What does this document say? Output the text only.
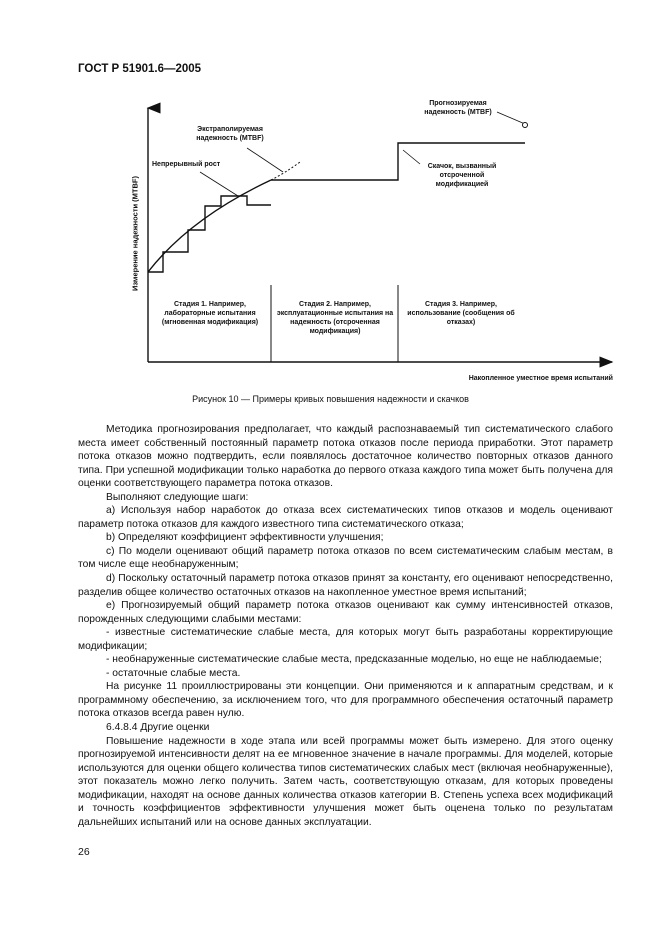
ГОСТ Р 51901.6—2005
Измерение надежности (MTBF)
Накопленное уместное время испытаний
Прогнозируемая надежность (MTBF)
Экстраполируемая надежность (MTBF)
Непрерывный рост	Скачок, вызванный отсроченной модификацией
Стадия 1. Например, лабораторные испытания (мгновенная модификация)
Стадия 2. Например, эксплуатационные испытания на надежность (отсроченная модификация)
Стадия 3. Например, использование (сообщения об отказах)
Рисунок 10 — Примеры кривых повышения надежности и скачков

Методика прогнозирования предполагает, что каждый распознаваемый тип систематического слабого места имеет собственный постоянный параметр потока отказов после периода приработки. Этот параметр потока отказов можно подтвердить, если появлялось достаточное количество повторных отказов данного типа. При успешной модификации только наработка до первого отказа каждого типа может быть получена для оценки соответствующего параметра потока отказов.

Выполняют следующие шаги:

а) Используя набор наработок до отказа всех систематических типов отказов и модель оценивают параметр потока отказов для каждого известного типа систематического отказа;

b) Определяют коэффициент эффективности улучшения;

c) По модели оценивают общий параметр потока отказов по всем систематическим слабым местам, в том числе еще необнаруженным;

d) Поскольку остаточный параметр потока отказов принят за константу, его оценивают непосредственно, разделив общее количество остаточных отказов на накопленное уместное время испытаний;

e) Прогнозируемый общий параметр потока отказов оценивают как сумму интенсивностей отказов, порожденных следующими слабыми местами:

- известные систематические слабые места, для которых могут быть разработаны корректирующие модификации;

- необнаруженные систематические слабые места, предсказанные моделью, но еще не наблюдаемые;

- остаточные слабые места.

На рисунке 11 проиллюстрированы эти концепции. Они применяются и к аппаратным средствам, и к программному обеспечению, за исключением того, что для программного обеспечения остаточный параметр потока отказов всегда равен нулю.

6.4.8.4 Другие оценки

Повышение надежности в ходе этапа или всей программы может быть измерено. Для этого оценку прогнозируемой интенсивности делят на ее мгновенное значение в начале программы. Для моделей, которые используются для оценки общего количества типов систематических слабых мест (включая необнаруженные), этот показатель можно легко получить. Затем часть, соответствующую отказам, для которых проведены модификации, находят на основе данных количества отказов категории В. Степень успеха всех модификаций и точность коэффициентов эффективности улучшения может быть оценена только по результатам дальнейших испытаний или на основе данных эксплуатации.

26
